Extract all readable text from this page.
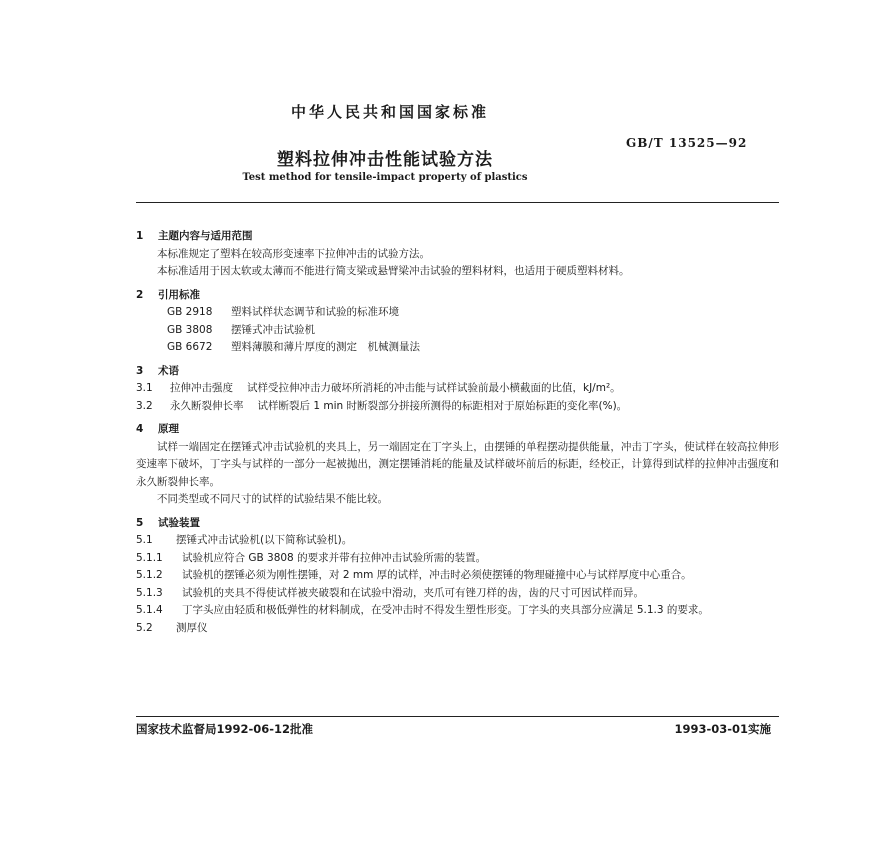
中华人民共和国国家标准
GB/T 13525—92
塑料拉伸冲击性能试验方法
Test method for tensile-impact property of plastics
1 主题内容与适用范围
本标准规定了塑料在较高形变速率下拉伸冲击的试验方法。
本标准适用于因太软或太薄而不能进行简支梁或悬臂梁冲击试验的塑料材料，也适用于硬质塑料材料。
2 引用标准
GB 2918 塑料试样状态调节和试验的标准环境
GB 3808 摆锤式冲击试验机
GB 6672 塑料薄膜和薄片厚度的测定　机械测量法
3 术语
3.1 拉伸冲击强度 试样受拉伸冲击力破坏所消耗的冲击能与试样试验前最小横截面的比值，kJ/m²。
3.2 永久断裂伸长率 试样断裂后 1 min 时断裂部分拼接所测得的标距相对于原始标距的变化率(%)。
4 原理
试样一端固定在摆锤式冲击试验机的夹具上，另一端固定在丁字头上，由摆锤的单程摆动提供能量，冲击丁字头，使试样在较高拉伸形变速率下破坏，丁字头与试样的一部分一起被抛出，测定摆锤消耗的能量及试样破坏前后的标距，经校正，计算得到试样的拉伸冲击强度和永久断裂伸长率。
不同类型或不同尺寸的试样的试验结果不能比较。
5 试验装置
5.1 摆锤式冲击试验机(以下简称试验机)。
5.1.1 试验机应符合 GB 3808 的要求并带有拉伸冲击试验所需的装置。
5.1.2 试验机的摆锤必须为刚性摆锤，对 2 mm 厚的试样，冲击时必须使摆锤的物理碰撞中心与试样厚度中心重合。
5.1.3 试验机的夹具不得使试样被夹破裂和在试验中滑动，夹爪可有锉刀样的齿，齿的尺寸可因试样而异。
5.1.4 丁字头应由轻质和极低弹性的材料制成，在受冲击时不得发生塑性形变。丁字头的夹具部分应满足 5.1.3 的要求。
5.2 测厚仪
国家技术监督局1992-06-12批准	1993-03-01实施
